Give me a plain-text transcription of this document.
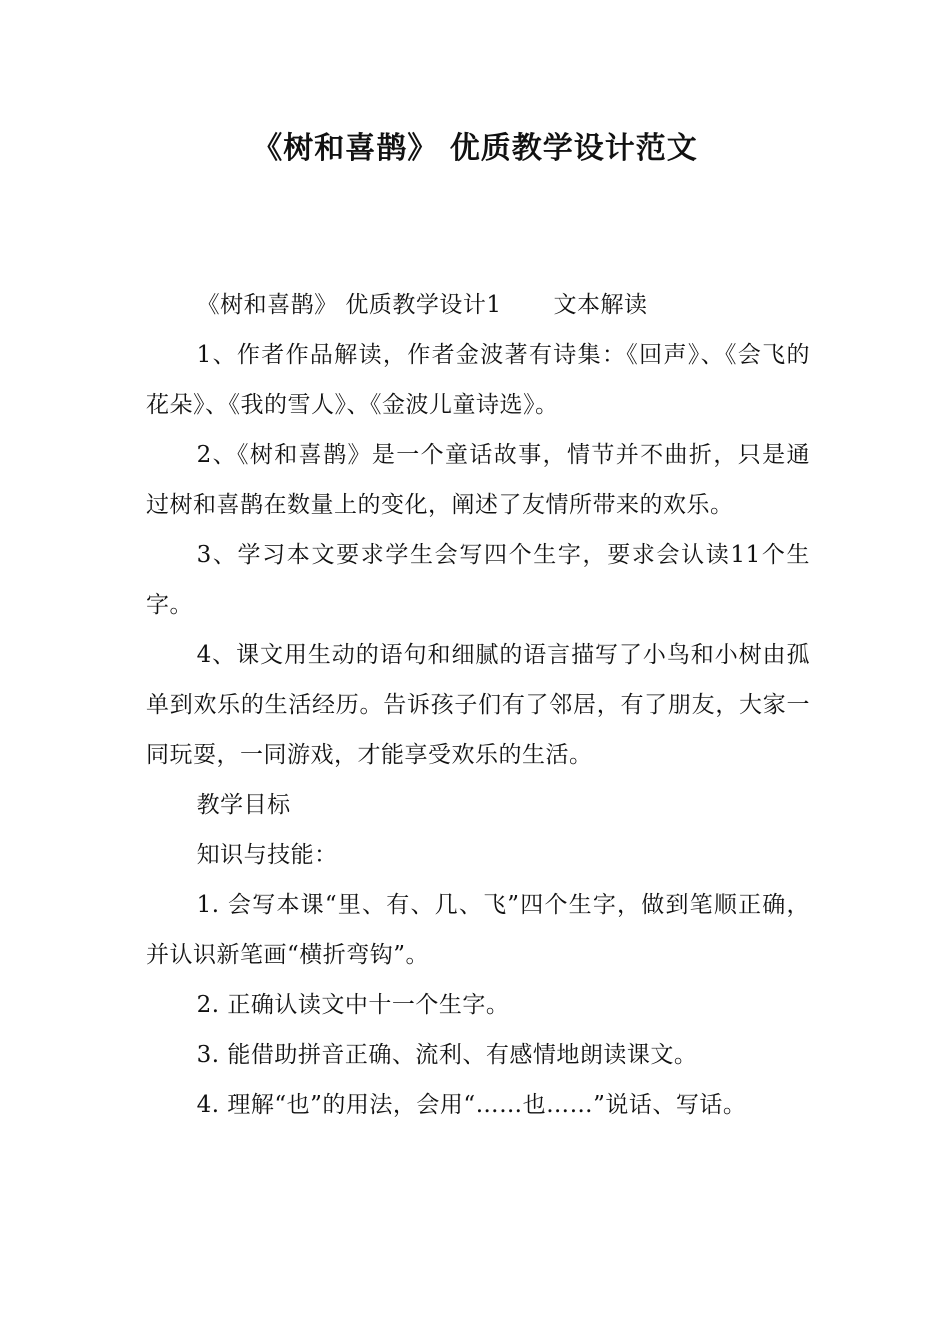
《树和喜鹊》 优质教学设计范文

《树和喜鹊》 优质教学设计1 文本解读

1、作者作品解读，作者金波著有诗集：《回声》、《会飞的花朵》、《我的雪人》、《金波儿童诗选》。

2、《树和喜鹊》是一个童话故事，情节并不曲折，只是通过树和喜鹊在数量上的变化，阐述了友情所带来的欢乐。

3、学习本文要求学生会写四个生字，要求会认读11个生字。

4、课文用生动的语句和细腻的语言描写了小鸟和小树由孤单到欢乐的生活经历。告诉孩子们有了邻居，有了朋友，大家一同玩耍，一同游戏，才能享受欢乐的生活。

教学目标

知识与技能：

1. 会写本课“里、有、几、飞”四个生字，做到笔顺正确，并认识新笔画“横折弯钩”。

2. 正确认读文中十一个生字。

3. 能借助拼音正确、流利、有感情地朗读课文。

4. 理解“也”的用法，会用“……也……”说话、写话。
